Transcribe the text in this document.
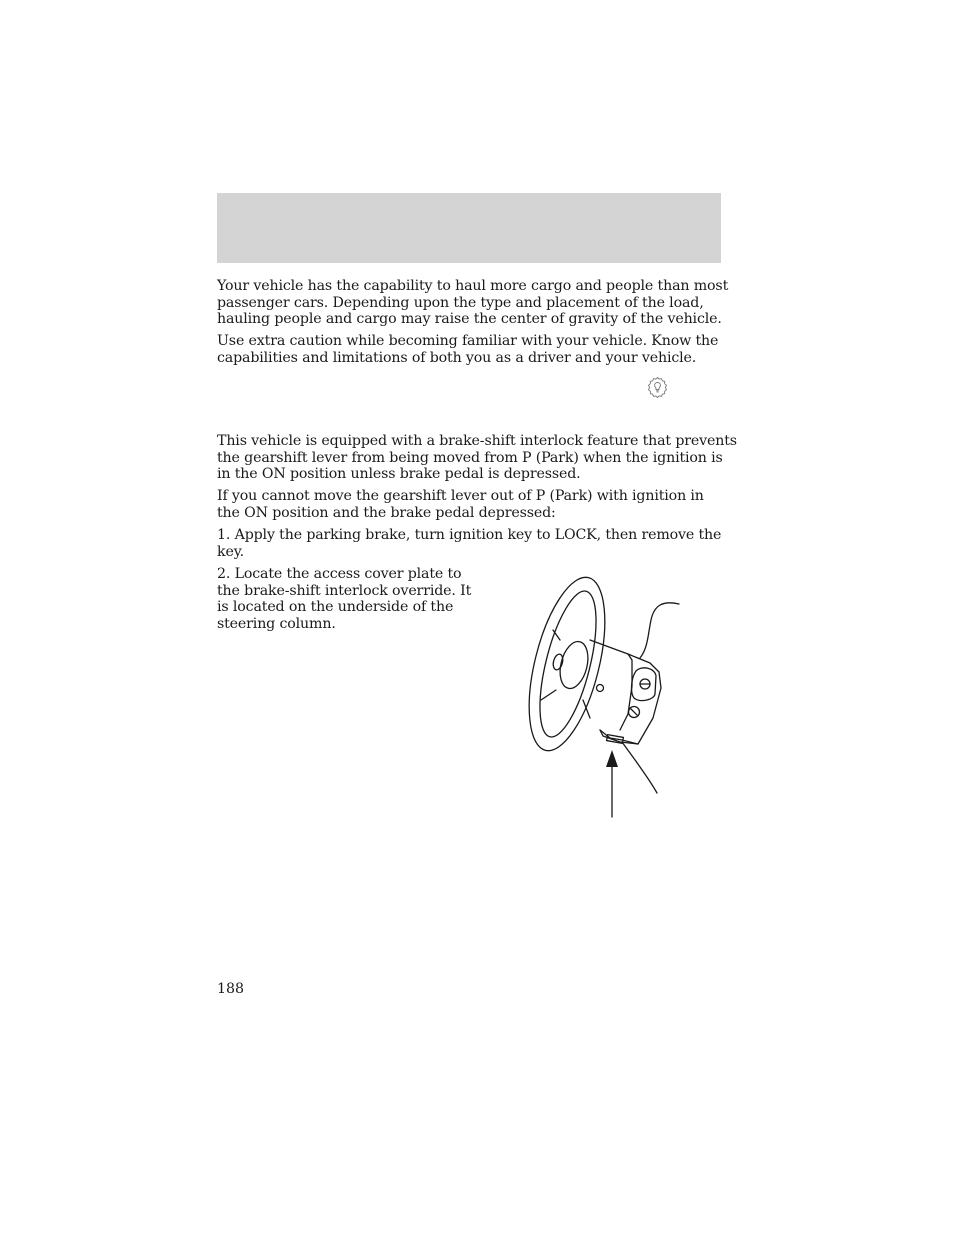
Your vehicle has the capability to haul more cargo and people than most
passenger cars. Depending upon the type and placement of the load,
hauling people and cargo may raise the center of gravity of the vehicle.

Use extra caution while becoming familiar with your vehicle. Know the
capabilities and limitations of both you as a driver and your vehicle.

This vehicle is equipped with a brake-shift interlock feature that prevents
the gearshift lever from being moved from P (Park) when the ignition is
in the ON position unless brake pedal is depressed.

If you cannot move the gearshift lever out of P (Park) with ignition in
the ON position and the brake pedal depressed:

1. Apply the parking brake, turn ignition key to LOCK, then remove the
key.

2. Locate the access cover plate to
the brake-shift interlock override. It
is located on the underside of the
steering column.

188
